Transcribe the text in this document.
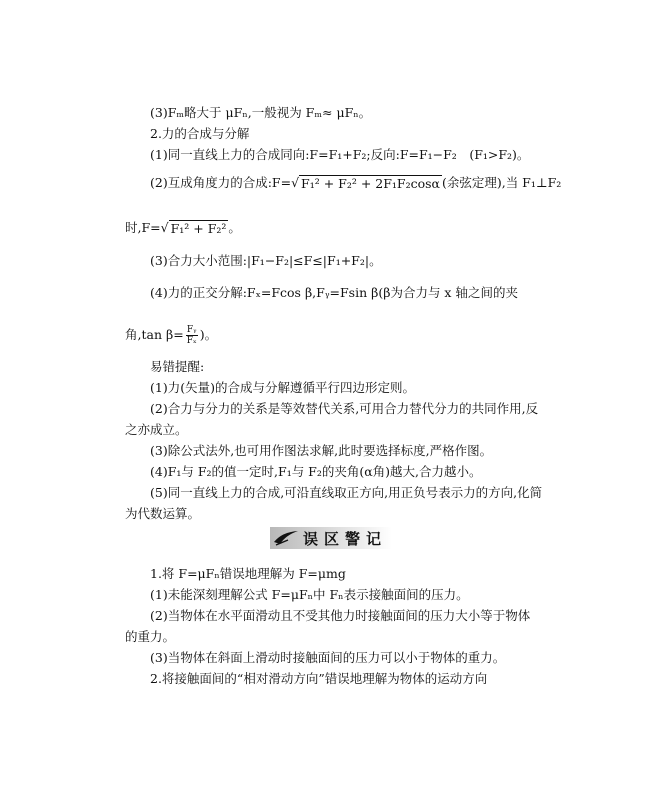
(3)Fₘ略大于 μFₙ,一般视为 Fₘ≈ μFₙ。
2.力的合成与分解
(1)同一直线上力的合成同向:F=F₁+F₂;反向:F=F₁−F₂　(F₁>F₂)。
(2)互成角度力的合成:F=√ F₁² + F₂² + 2F₁F₂cosα (余弦定理),当 F₁⊥F₂
时,F=√ F₁² + F₂² 。
(3)合力大小范围:|F₁−F₂|≤F≤|F₁+F₂|。
(4)力的正交分解:Fₓ=Fcos β,Fᵧ=Fsin β(β为合力与 x 轴之间的夹
角,tan $\beta= \frac{\text{Fᵧ}}{\text{Fₓ}}$ )。
易错提醒:
(1)力(矢量)的合成与分解遵循平行四边形定则。
(2)合力与分力的关系是等效替代关系,可用合力替代分力的共同作用,反
之亦成立。
(3)除公式法外,也可用作图法求解,此时要选择标度,严格作图。
(4)F₁与 F₂的值一定时,F₁与 F₂的夹角(α角)越大,合力越小。
(5)同一直线上力的合成,可沿直线取正方向,用正负号表示力的方向,化简
为代数运算。
误区警记
1.将 F=μFₙ错误地理解为 F=μmg
(1)未能深刻理解公式 F=μFₙ中 Fₙ表示接触面间的压力。
(2)当物体在水平面滑动且不受其他力时接触面间的压力大小等于物体
的重力。
(3)当物体在斜面上滑动时接触面间的压力可以小于物体的重力。
2.将接触面间的“相对滑动方向”错误地理解为物体的运动方向
